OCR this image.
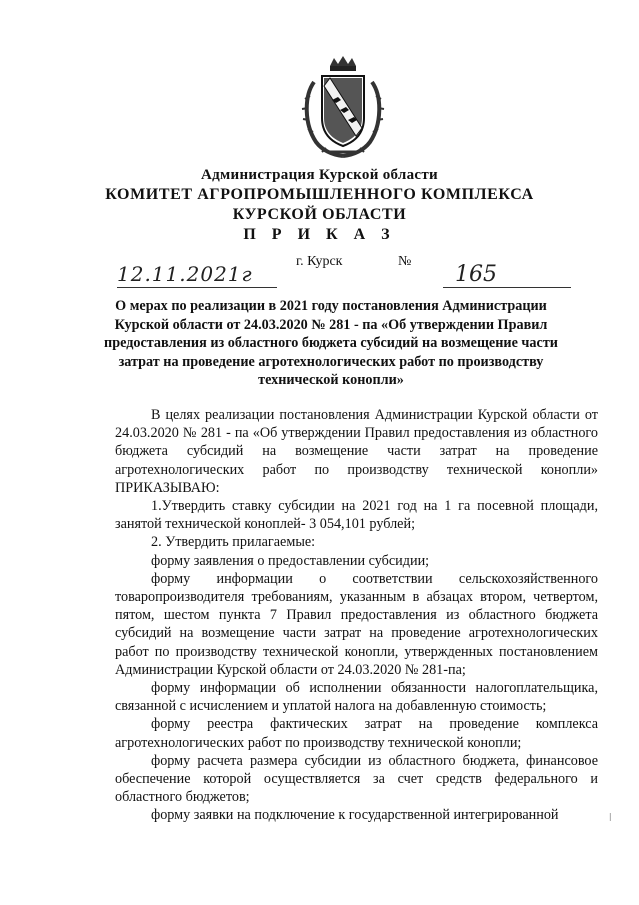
Администрация Курской области
КОМИТЕТ АГРОПРОМЫШЛЕННОГО КОМПЛЕКСА
КУРСКОЙ ОБЛАСТИ
П Р И К А З
12.11.2021г
г. Курск	№
165
О мерах по реализации в 2021 году постановления Администрации Курской области от 24.03.2020 № 281 - па «Об утверждении Правил предоставления из областного бюджета субсидий на возмещение части затрат на проведение агротехнологических работ по производству технической конопли»

В целях реализации постановления Администрации Курской области от 24.03.2020 № 281 - па «Об утверждении Правил предоставления из областного бюджета субсидий на возмещение части затрат на проведение агротехнологических работ по производству технической конопли» ПРИКАЗЫВАЮ:

1.Утвердить ставку субсидии на 2021 год на 1 га посевной площади, занятой технической коноплей- 3 054,101 рублей;

2. Утвердить прилагаемые:

форму заявления о предоставлении субсидии;

форму информации о соответствии сельскохозяйственного товаропроизводителя требованиям, указанным в абзацах втором, четвертом, пятом, шестом пункта 7 Правил предоставления из областного бюджета субсидий на возмещение части затрат на проведение агротехнологических работ по производству технической конопли, утвержденных постановлением Администрации Курской области от 24.03.2020 № 281-па;

форму информации об исполнении обязанности налогоплательщика, связанной с исчислением и уплатой налога на добавленную стоимость;

форму реестра фактических затрат на проведение комплекса агротехнологических работ по производству технической конопли;

форму расчета размера субсидии из областного бюджета, финансовое обеспечение которой осуществляется за счет средств федерального и областного бюджетов;

форму заявки на подключение к государственной интегрированной	ǀ
